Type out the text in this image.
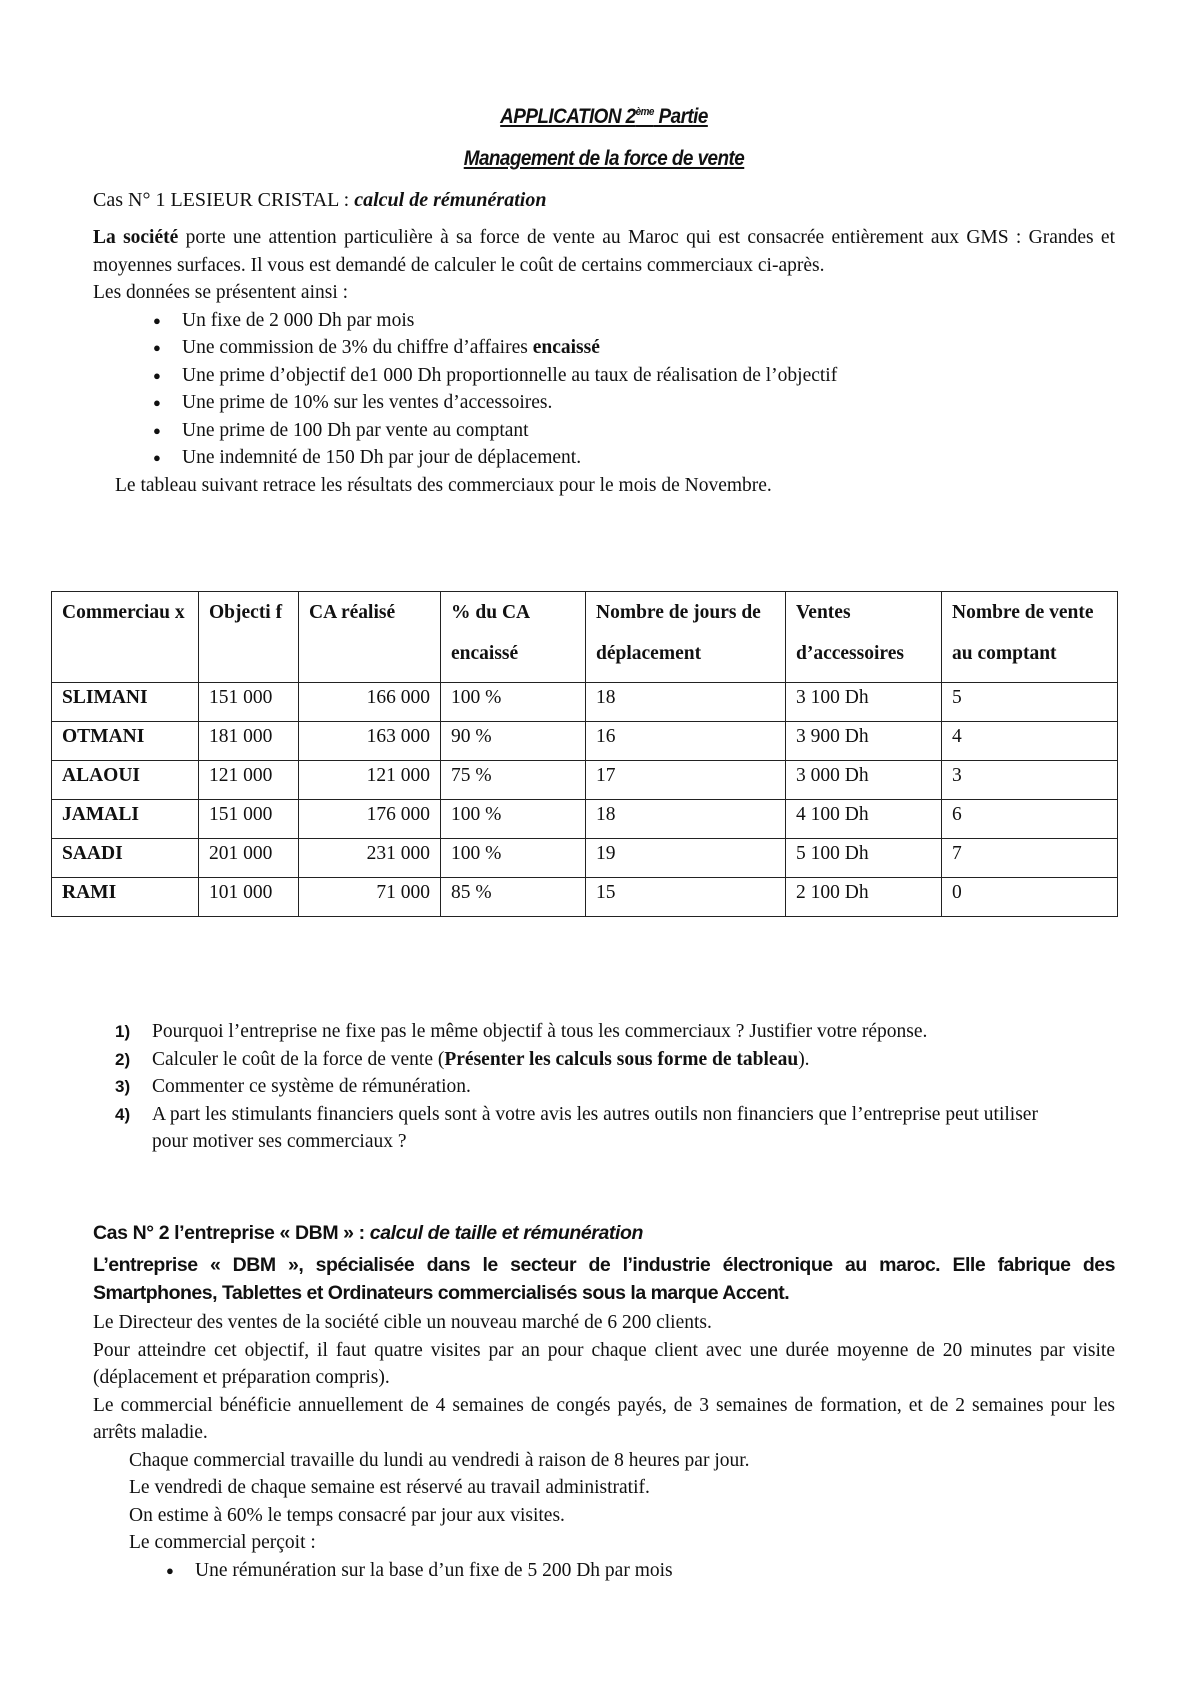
APPLICATION 2ème Partie
Management de la force de vente
Cas N° 1 LESIEUR CRISTAL : calcul de rémunération

La société porte une attention particulière à sa force de vente au Maroc qui est consacrée entièrement aux GMS : Grandes et moyennes surfaces. Il vous est demandé de calculer le coût de certains commerciaux ci-après.

Les données se présentent ainsi :

● Un fixe de 2 000 Dh par mois
● Une commission de 3% du chiffre d’affaires encaissé
● Une prime d’objectif de1 000 Dh proportionnelle au taux de réalisation de l’objectif
● Une prime de 10% sur les ventes d’accessoires.
● Une prime de 100 Dh par vente au comptant
● Une indemnité de 150 Dh par jour de déplacement.

Le tableau suivant retrace les résultats des commerciaux pour le mois de Novembre.

Commerciau x	Objecti f	CA réalisé	% du CA encaissé	Nombre de jours de déplacement	Ventes d’accessoires	Nombre de vente au comptant
SLIMANI	151 000	166 000	100 %	18	3 100 Dh	5
OTMANI	181 000	163 000	90 %	16	3 900 Dh	4
ALAOUI	121 000	121 000	75 %	17	3 000 Dh	3
JAMALI	151 000	176 000	100 %	18	4 100 Dh	6
SAADI	201 000	231 000	100 %	19	5 100 Dh	7
RAMI	101 000	71 000	85 %	15	2 100 Dh	0
1) Pourquoi l’entreprise ne fixe pas le même objectif à tous les commerciaux ? Justifier votre réponse.
2) Calculer le coût de la force de vente (Présenter les calculs sous forme de tableau).
3) Commenter ce système de rémunération.
4) A part les stimulants financiers quels sont à votre avis les autres outils non financiers que l’entreprise peut utiliser pour motiver ses commerciaux ?
Cas N° 2 l’entreprise « DBM » : calcul de taille et rémunération

L’entreprise « DBM », spécialisée dans le secteur de l’industrie électronique au maroc. Elle fabrique des Smartphones, Tablettes et Ordinateurs commercialisés sous la marque Accent.

Le Directeur des ventes de la société cible un nouveau marché de 6 200 clients.

Pour atteindre cet objectif, il faut quatre visites par an pour chaque client avec une durée moyenne de 20 minutes par visite (déplacement et préparation compris).

Le commercial bénéficie annuellement de 4 semaines de congés payés, de 3 semaines de formation, et de 2 semaines pour les arrêts maladie.

Chaque commercial travaille du lundi au vendredi à raison de 8 heures par jour.

Le vendredi de chaque semaine est réservé au travail administratif.

On estime à 60% le temps consacré par jour aux visites.

Le commercial perçoit :

● Une rémunération sur la base d’un fixe de 5 200 Dh par mois
